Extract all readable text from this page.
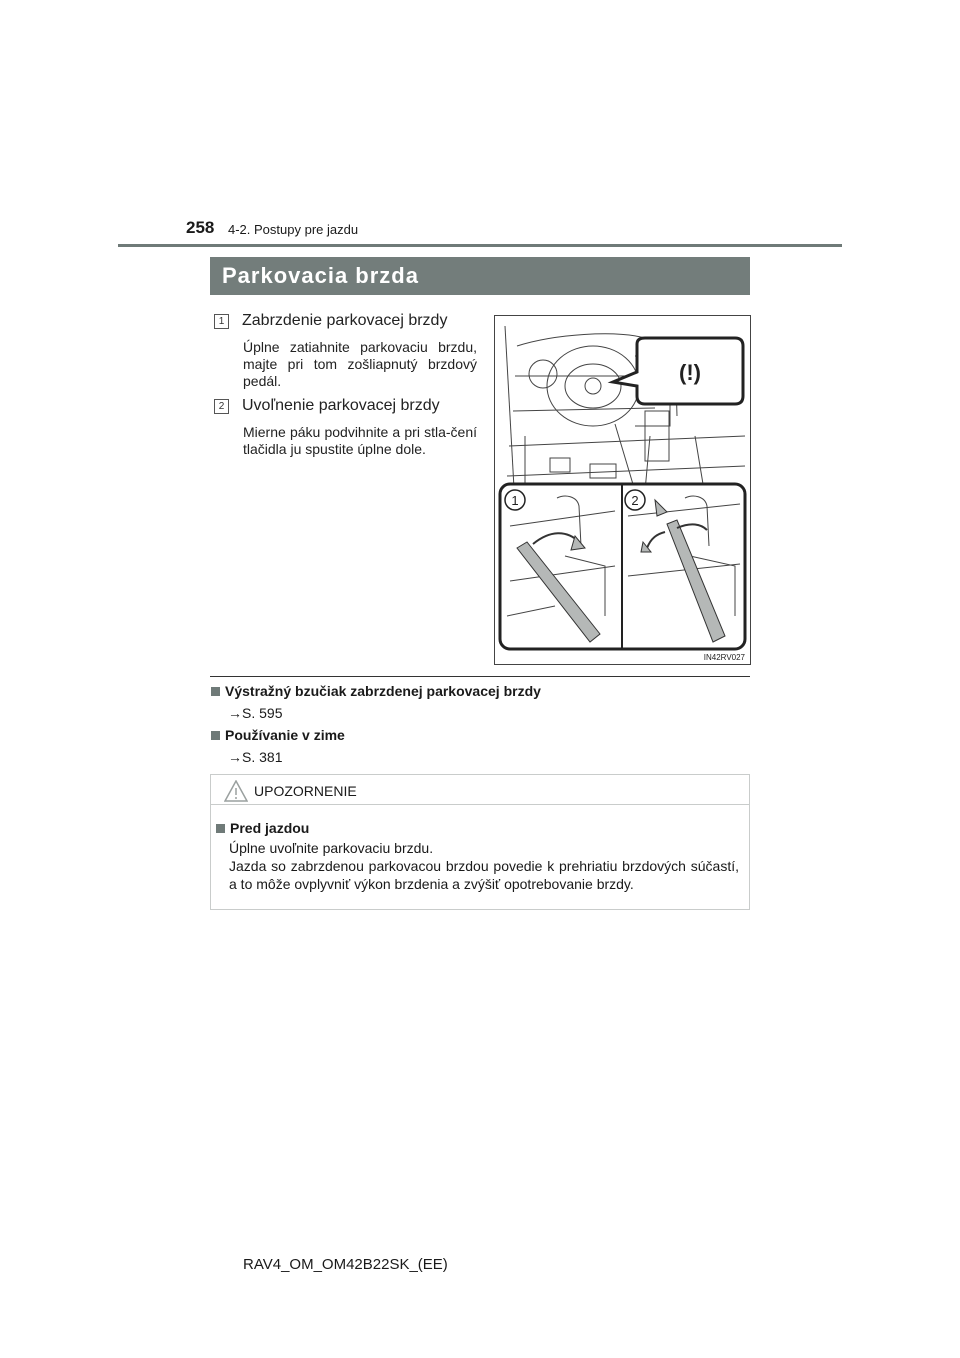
258 4-2. Postupy pre jazdu
Parkovacia brzda
1 Zabrzdenie parkovacej brzdy
Úplne zatiahnite parkovaciu brzdu, majte pri tom zošliapnutý brzdový pedál.
2 Uvoľnenie parkovacej brzdy
Mierne páku podvihnite a pri stla-čení tlačidla ju spustite úplne dole.
(!)
1	2
IN42RV027
Výstražný bzučiak zabrzdenej parkovacej brzdy
→S. 595
Používanie v zime
→S. 381
UPOZORNENIE
Pred jazdou
Úplne uvoľnite parkovaciu brzdu.
Jazda so zabrzdenou parkovacou brzdou povedie k prehriatiu brzdových súčastí, a to môže ovplyvniť výkon brzdenia a zvýšiť opotrebovanie brzdy.
RAV4_OM_OM42B22SK_(EE)
